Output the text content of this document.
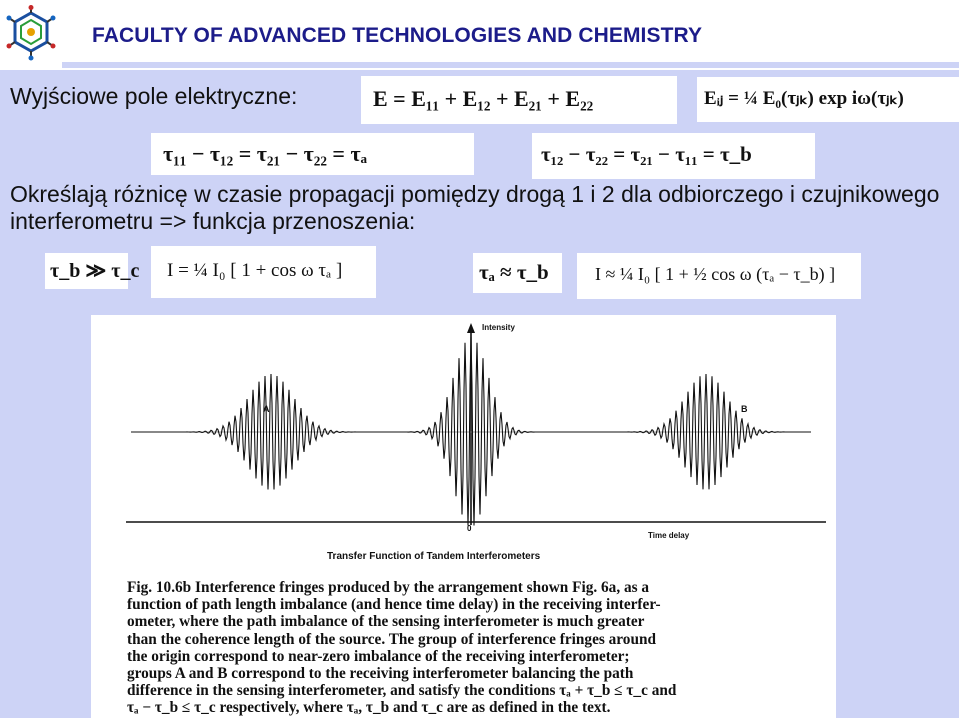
FACULTY OF ADVANCED TECHNOLOGIES AND CHEMISTRY
Wyjściowe pole elektryczne:	E = E₁₁ + E₁₂ + E₂₁ + E₂₂	Eᵢⱼ = ¼ E₀(τⱼₖ) exp iω(τⱼₖ)
τ₁₁ − τ₁₂ = τ₂₁ − τ₂₂ = τₐ	τ₁₂ − τ₂₂ = τ₂₁ − τ₁₁ = τ_b
Określają różnicę w czasie propagacji pomiędzy drogą 1 i 2 dla odbiorczego i czujnikowego interferometru => funkcja przenoszenia:
τ_b ≫ τ_c I = ¼ I₀ [ 1 + cos ω τₐ ]	τₐ ≈ τ_b	I ≈ ¼ I₀ [ 1 + ½ cos ω (τₐ − τ_b) ]
Intensity
Time delay
0
A	B
Transfer Function of Tandem Interferometers
Fig. 10.6b Interference fringes produced by the arrangement shown Fig. 6a, as a
function of path length imbalance (and hence time delay) in the receiving interfer-
ometer, where the path imbalance of the sensing interferometer is much greater
than the coherence length of the source. The group of interference fringes around
the origin correspond to near-zero imbalance of the receiving interferometer;
groups A and B correspond to the receiving interferometer balancing the path
difference in the sensing interferometer, and satisfy the conditions τₐ + τ_b ≤ τ_c and
τₐ − τ_b ≤ τ_c respectively, where τₐ, τ_b and τ_c are as defined in the text.
